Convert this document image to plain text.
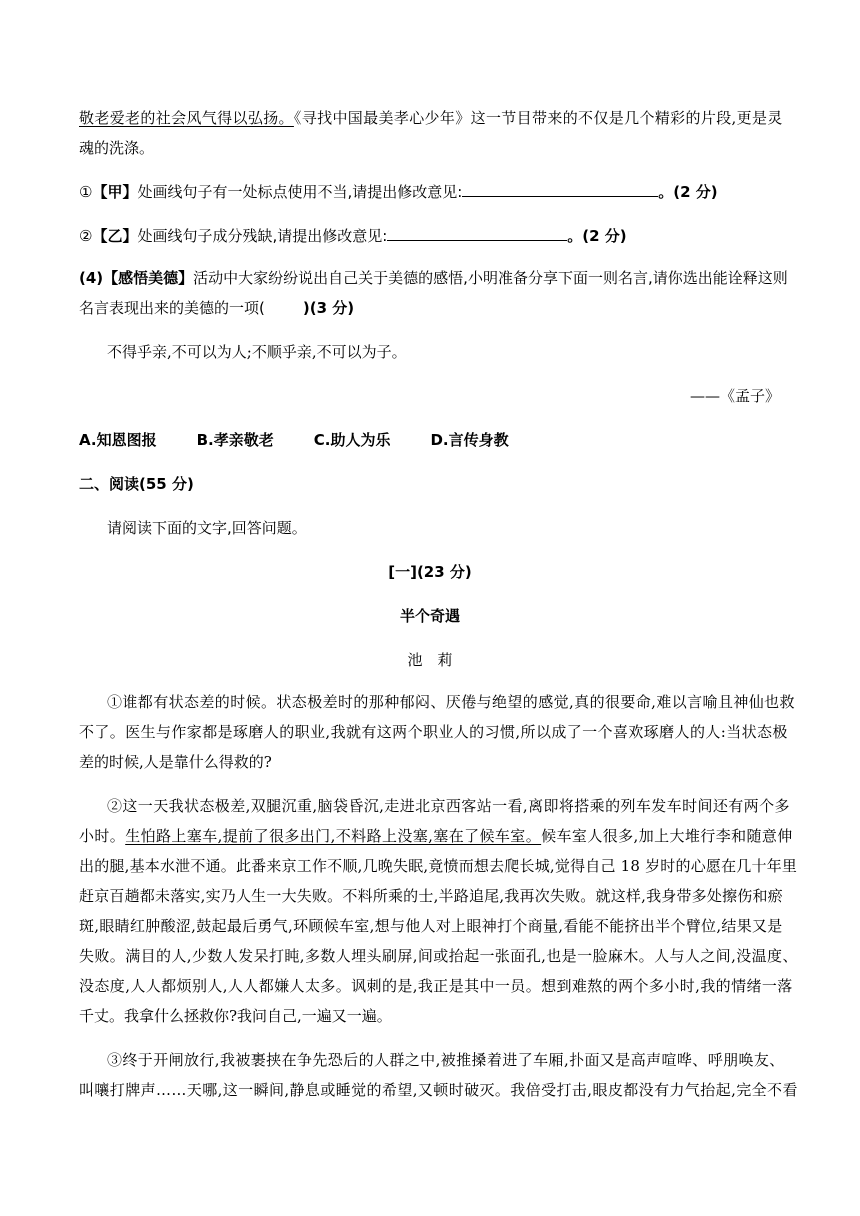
敬老爱老的社会风气得以弘扬。《寻找中国最美孝心少年》这一节目带来的不仅是几个精彩的片段,更是灵
魂的洗涤。
①【甲】处画线句子有一处标点使用不当,请提出修改意见:	。(2 分)
②【乙】处画线句子成分残缺,请提出修改意见:	。(2 分)
(4)【感悟美德】活动中大家纷纷说出自己关于美德的感悟,小明准备分享下面一则名言,请你选出能诠释这则
名言表现出来的美德的一项(	)(3 分)
不得乎亲,不可以为人;不顺乎亲,不可以为子。
——《孟子》
A.知恩图报	B.孝亲敬老	C.助人为乐	D.言传身教
二、阅读(55 分)
请阅读下面的文字,回答问题。
[一](23 分)
半个奇遇
池　莉
①谁都有状态差的时候。状态极差时的那种郁闷、厌倦与绝望的感觉,真的很要命,难以言喻且神仙也救
不了。医生与作家都是琢磨人的职业,我就有这两个职业人的习惯,所以成了一个喜欢琢磨人的人:当状态极
差的时候,人是靠什么得救的?
②这一天我状态极差,双腿沉重,脑袋昏沉,走进北京西客站一看,离即将搭乘的列车发车时间还有两个多
小时。生怕路上塞车,提前了很多出门,不料路上没塞,塞在了候车室。候车室人很多,加上大堆行李和随意伸
出的腿,基本水泄不通。此番来京工作不顺,几晚失眠,竟愤而想去爬长城,觉得自己 18 岁时的心愿在几十年里
赶京百趟都未落实,实乃人生一大失败。不料所乘的士,半路追尾,我再次失败。就这样,我身带多处擦伤和瘀
斑,眼睛红肿酸涩,鼓起最后勇气,环顾候车室,想与他人对上眼神打个商量,看能不能挤出半个臂位,结果又是
失败。满目的人,少数人发呆打盹,多数人埋头刷屏,间或抬起一张面孔,也是一脸麻木。人与人之间,没温度、
没态度,人人都烦别人,人人都嫌人太多。讽刺的是,我正是其中一员。想到难熬的两个多小时,我的情绪一落
千丈。我拿什么拯救你?我问自己,一遍又一遍。
③终于开闸放行,我被裹挟在争先恐后的人群之中,被推搡着进了车厢,扑面又是高声喧哗、呼朋唤友、
叫嚷打牌声……天哪,这一瞬间,静息或睡觉的希望,又顿时破灭。我倍受打击,眼皮都没有力气抬起,完全不看
